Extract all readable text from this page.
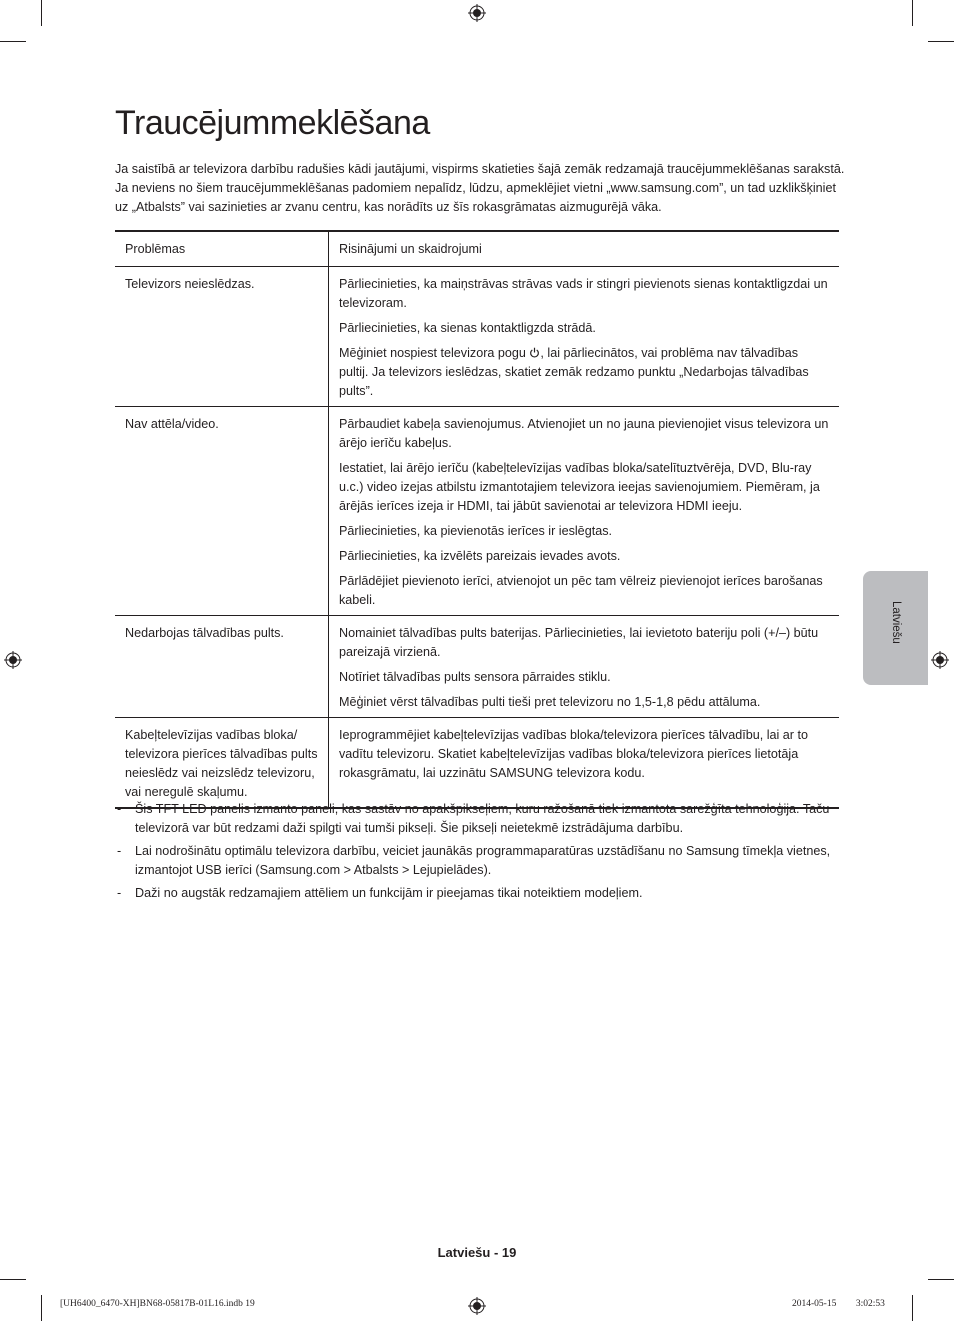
Traucējummeklēšana

Ja saistībā ar televizora darbību radušies kādi jautājumi, vispirms skatieties šajā zemāk redzamajā traucējummeklēšanas sarakstā. Ja neviens no šiem traucējummeklēšanas padomiem nepalīdz, lūdzu, apmeklējiet vietni „www.samsung.com”, un tad uzklikšķiniet uz „Atbalsts” vai sazinieties ar zvanu centru, kas norādīts uz šīs rokasgrāmatas aizmugurējā vāka.

Problēmas	Risinājumi un skaidrojumi
Televizors neieslēdzas.	Pārliecinieties, ka maiņstrāvas strāvas vads ir stingri pievienots sienas kontaktligzdai un televizoram.

Pārliecinieties, ka sienas kontaktligzda strādā.

Mēģiniet nospiest televizora pogu , lai pārliecinātos, vai problēma nav tālvadības pultij. Ja televizors ieslēdzas, skatiet zemāk redzamo punktu „Nedarbojas tālvadības pults”.

Nav attēla/video.	Pārbaudiet kabeļa savienojumus. Atvienojiet un no jauna pievienojiet visus televizora un ārējo ierīču kabeļus.

Iestatiet, lai ārējo ierīču (kabeļtelevīzijas vadības bloka/satelītuztvērēja, DVD, Blu-ray u.c.) video izejas atbilstu izmantotajiem televizora ieejas savienojumiem. Piemēram, ja ārējās ierīces izeja ir HDMI, tai jābūt savienotai ar televizora HDMI ieeju.

Pārliecinieties, ka pievienotās ierīces ir ieslēgtas.

Pārliecinieties, ka izvēlēts pareizais ievades avots.

Pārlādējiet pievienoto ierīci, atvienojot un pēc tam vēlreiz pievienojot ierīces barošanas kabeli.

Nedarbojas tālvadības pults.	Nomainiet tālvadības pults baterijas. Pārliecinieties, lai ievietoto bateriju poli (+/–) būtu pareizajā virzienā.

Notīriet tālvadības pults sensora pārraides stiklu.

Mēģiniet vērst tālvadības pulti tieši pret televizoru no 1,5-1,8 pēdu attāluma.

Kabeļtelevīzijas vadības bloka/ televizora pierīces tālvadības pults neieslēdz vai neizslēdz televizoru, vai neregulē skaļumu.	Ieprogrammējiet kabeļtelevīzijas vadības bloka/televizora pierīces tālvadību, lai ar to vadītu televizoru. Skatiet kabeļtelevīzijas vadības bloka/televizora pierīces lietotāja rokasgrāmatu, lai uzzinātu SAMSUNG televizora kodu.

- Šis TFT LED panelis izmanto paneli, kas sastāv no apakšpikseļiem, kuru ražošanā tiek izmantota sarežģīta tehnoloģija. Taču televizorā var būt redzami daži spilgti vai tumši pikseļi. Šie pikseļi neietekmē izstrādājuma darbību.
- Lai nodrošinātu optimālu televizora darbību, veiciet jaunākās programmaparatūras uzstādīšanu no Samsung tīmekļa vietnes, izmantojot USB ierīci (Samsung.com > Atbalsts > Lejupielādes).
- Daži no augstāk redzamajiem attēliem un funkcijām ir pieejamas tikai noteiktiem modeļiem.
Latviešu
Latviešu - 19
[UH6400_6470-XH]BN68-05817B-01L16.indb 19	2014-05-15 ￿￿ 3:02:53
